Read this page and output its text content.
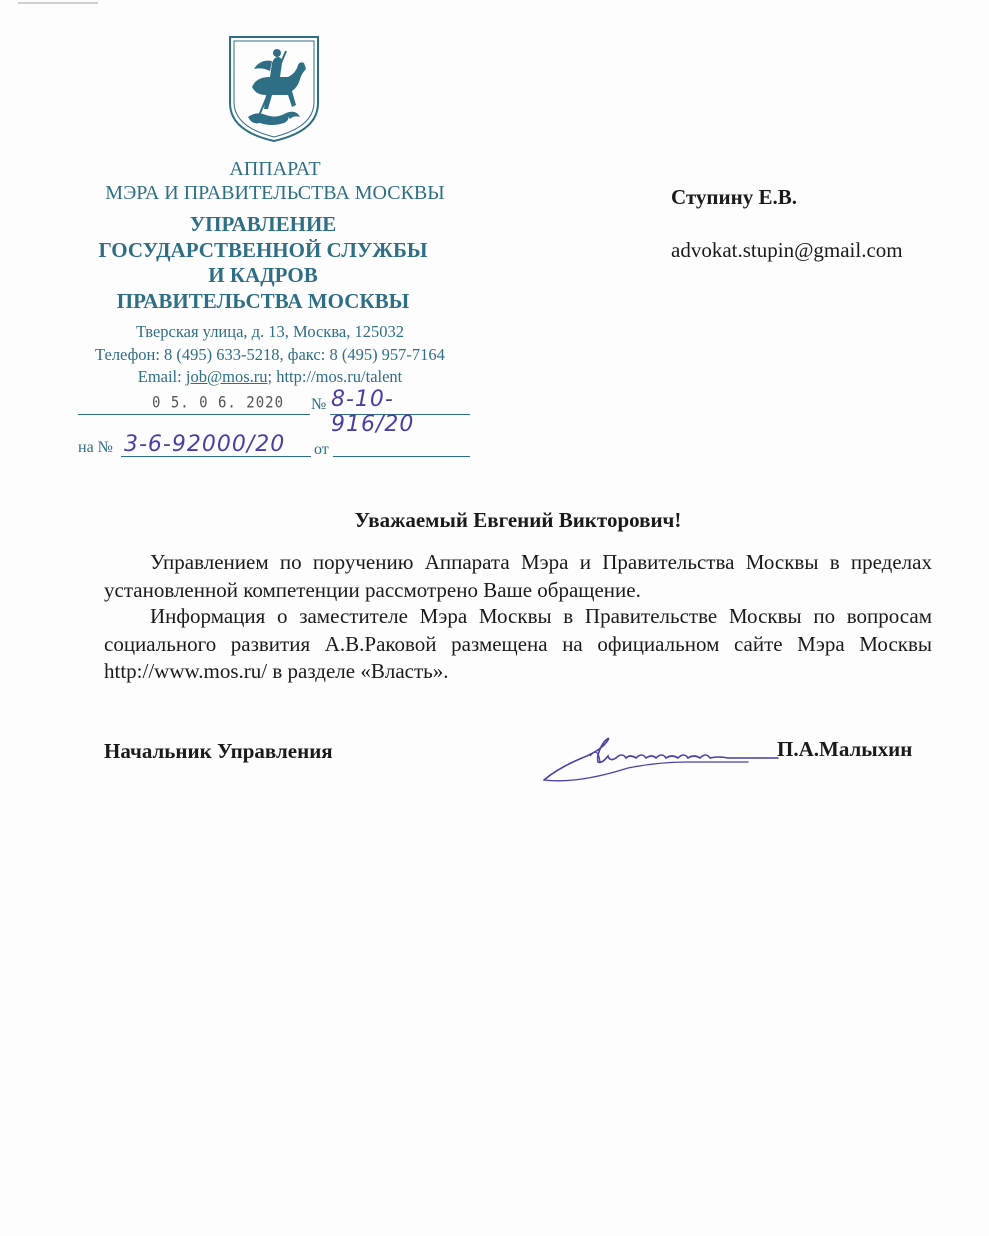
АППАРАТ
МЭРА И ПРАВИТЕЛЬСТВА МОСКВЫ
УПРАВЛЕНИЕ
ГОСУДАРСТВЕННОЙ СЛУЖБЫ
И КАДРОВ
ПРАВИТЕЛЬСТВА МОСКВЫ
Тверская улица, д. 13, Москва, 125032
Телефон: 8 (495) 633-5218, факс: 8 (495) 957-7164
Email: job@mos.ru; http://mos.ru/talent
0 5. 0 6. 2020 № 8-10-916/20
на № 3-6-92000/20 от
Ступину Е.В.
advokat.stupin@gmail.com
Уважаемый Евгений Викторович!
Управлением по поручению Аппарата Мэра и Правительства Москвы в пределах установленной компетенции рассмотрено Ваше обращение.
Информация о заместителе Мэра Москвы в Правительстве Москвы по вопросам социального развития А.В.Раковой размещена на официальном сайте Мэра Москвы http://www.mos.ru/ в разделе «Власть».
Начальник Управления	П.А.Малыхин
